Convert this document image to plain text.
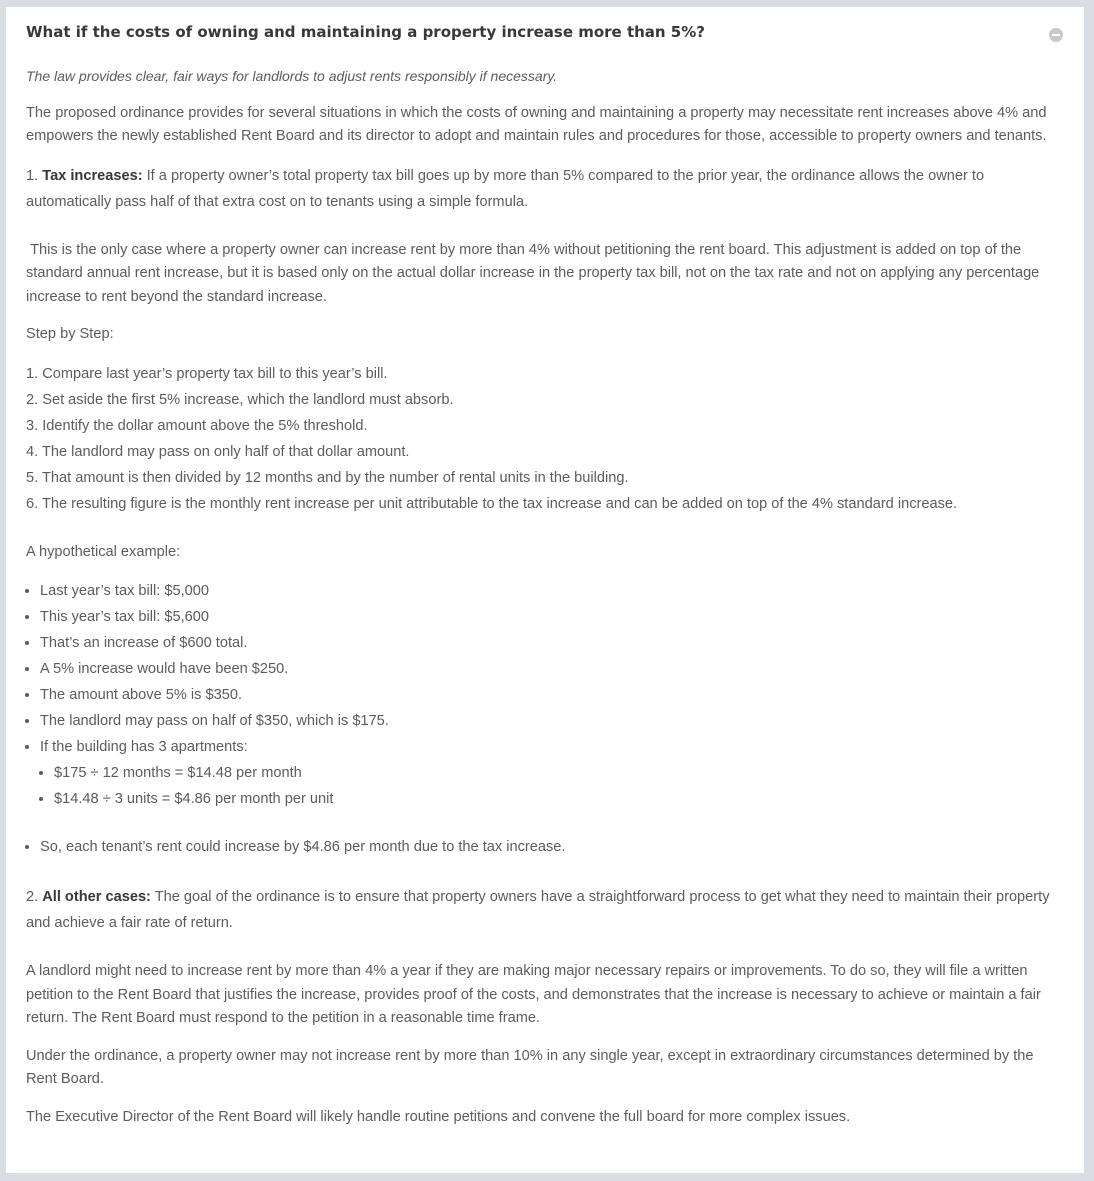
What if the costs of owning and maintaining a property increase more than 5%?

The law provides clear, fair ways for landlords to adjust rents responsibly if necessary.

The proposed ordinance provides for several situations in which the costs of owning and maintaining a property may necessitate rent increases above 4% and empowers the newly established Rent Board and its director to adopt and maintain rules and procedures for those, accessible to property owners and tenants.

1. Tax increases: If a property owner’s total property tax bill goes up by more than 5% compared to the prior year, the ordinance allows the owner to automatically pass half of that extra cost on to tenants using a simple formula.

This is the only case where a property owner can increase rent by more than 4% without petitioning the rent board. This adjustment is added on top of the standard annual rent increase, but it is based only on the actual dollar increase in the property tax bill, not on the tax rate and not on applying any percentage increase to rent beyond the standard increase.

Step by Step:

1. Compare last year’s property tax bill to this year’s bill.
2. Set aside the first 5% increase, which the landlord must absorb.
3. Identify the dollar amount above the 5% threshold.
4. The landlord may pass on only half of that dollar amount.
5. That amount is then divided by 12 months and by the number of rental units in the building.
6. The resulting figure is the monthly rent increase per unit attributable to the tax increase and can be added on top of the 4% standard increase.

A hypothetical example:

• Last year’s tax bill: $5,000
• This year’s tax bill: $5,600
• That’s an increase of $600 total.
• A 5% increase would have been $250.
• The amount above 5% is $350.
• The landlord may pass on half of $350, which is $175.
• If the building has 3 apartments:
• $175 ÷ 12 months = $14.48 per month
• $14.48 ÷ 3 units = $4.86 per month per unit
• So, each tenant’s rent could increase by $4.86 per month due to the tax increase.

2. All other cases: The goal of the ordinance is to ensure that property owners have a straightforward process to get what they need to maintain their property and achieve a fair rate of return.

A landlord might need to increase rent by more than 4% a year if they are making major necessary repairs or improvements. To do so, they will file a written petition to the Rent Board that justifies the increase, provides proof of the costs, and demonstrates that the increase is necessary to achieve or maintain a fair return. The Rent Board must respond to the petition in a reasonable time frame.

Under the ordinance, a property owner may not increase rent by more than 10% in any single year, except in extraordinary circumstances determined by the Rent Board.

The Executive Director of the Rent Board will likely handle routine petitions and convene the full board for more complex issues.
